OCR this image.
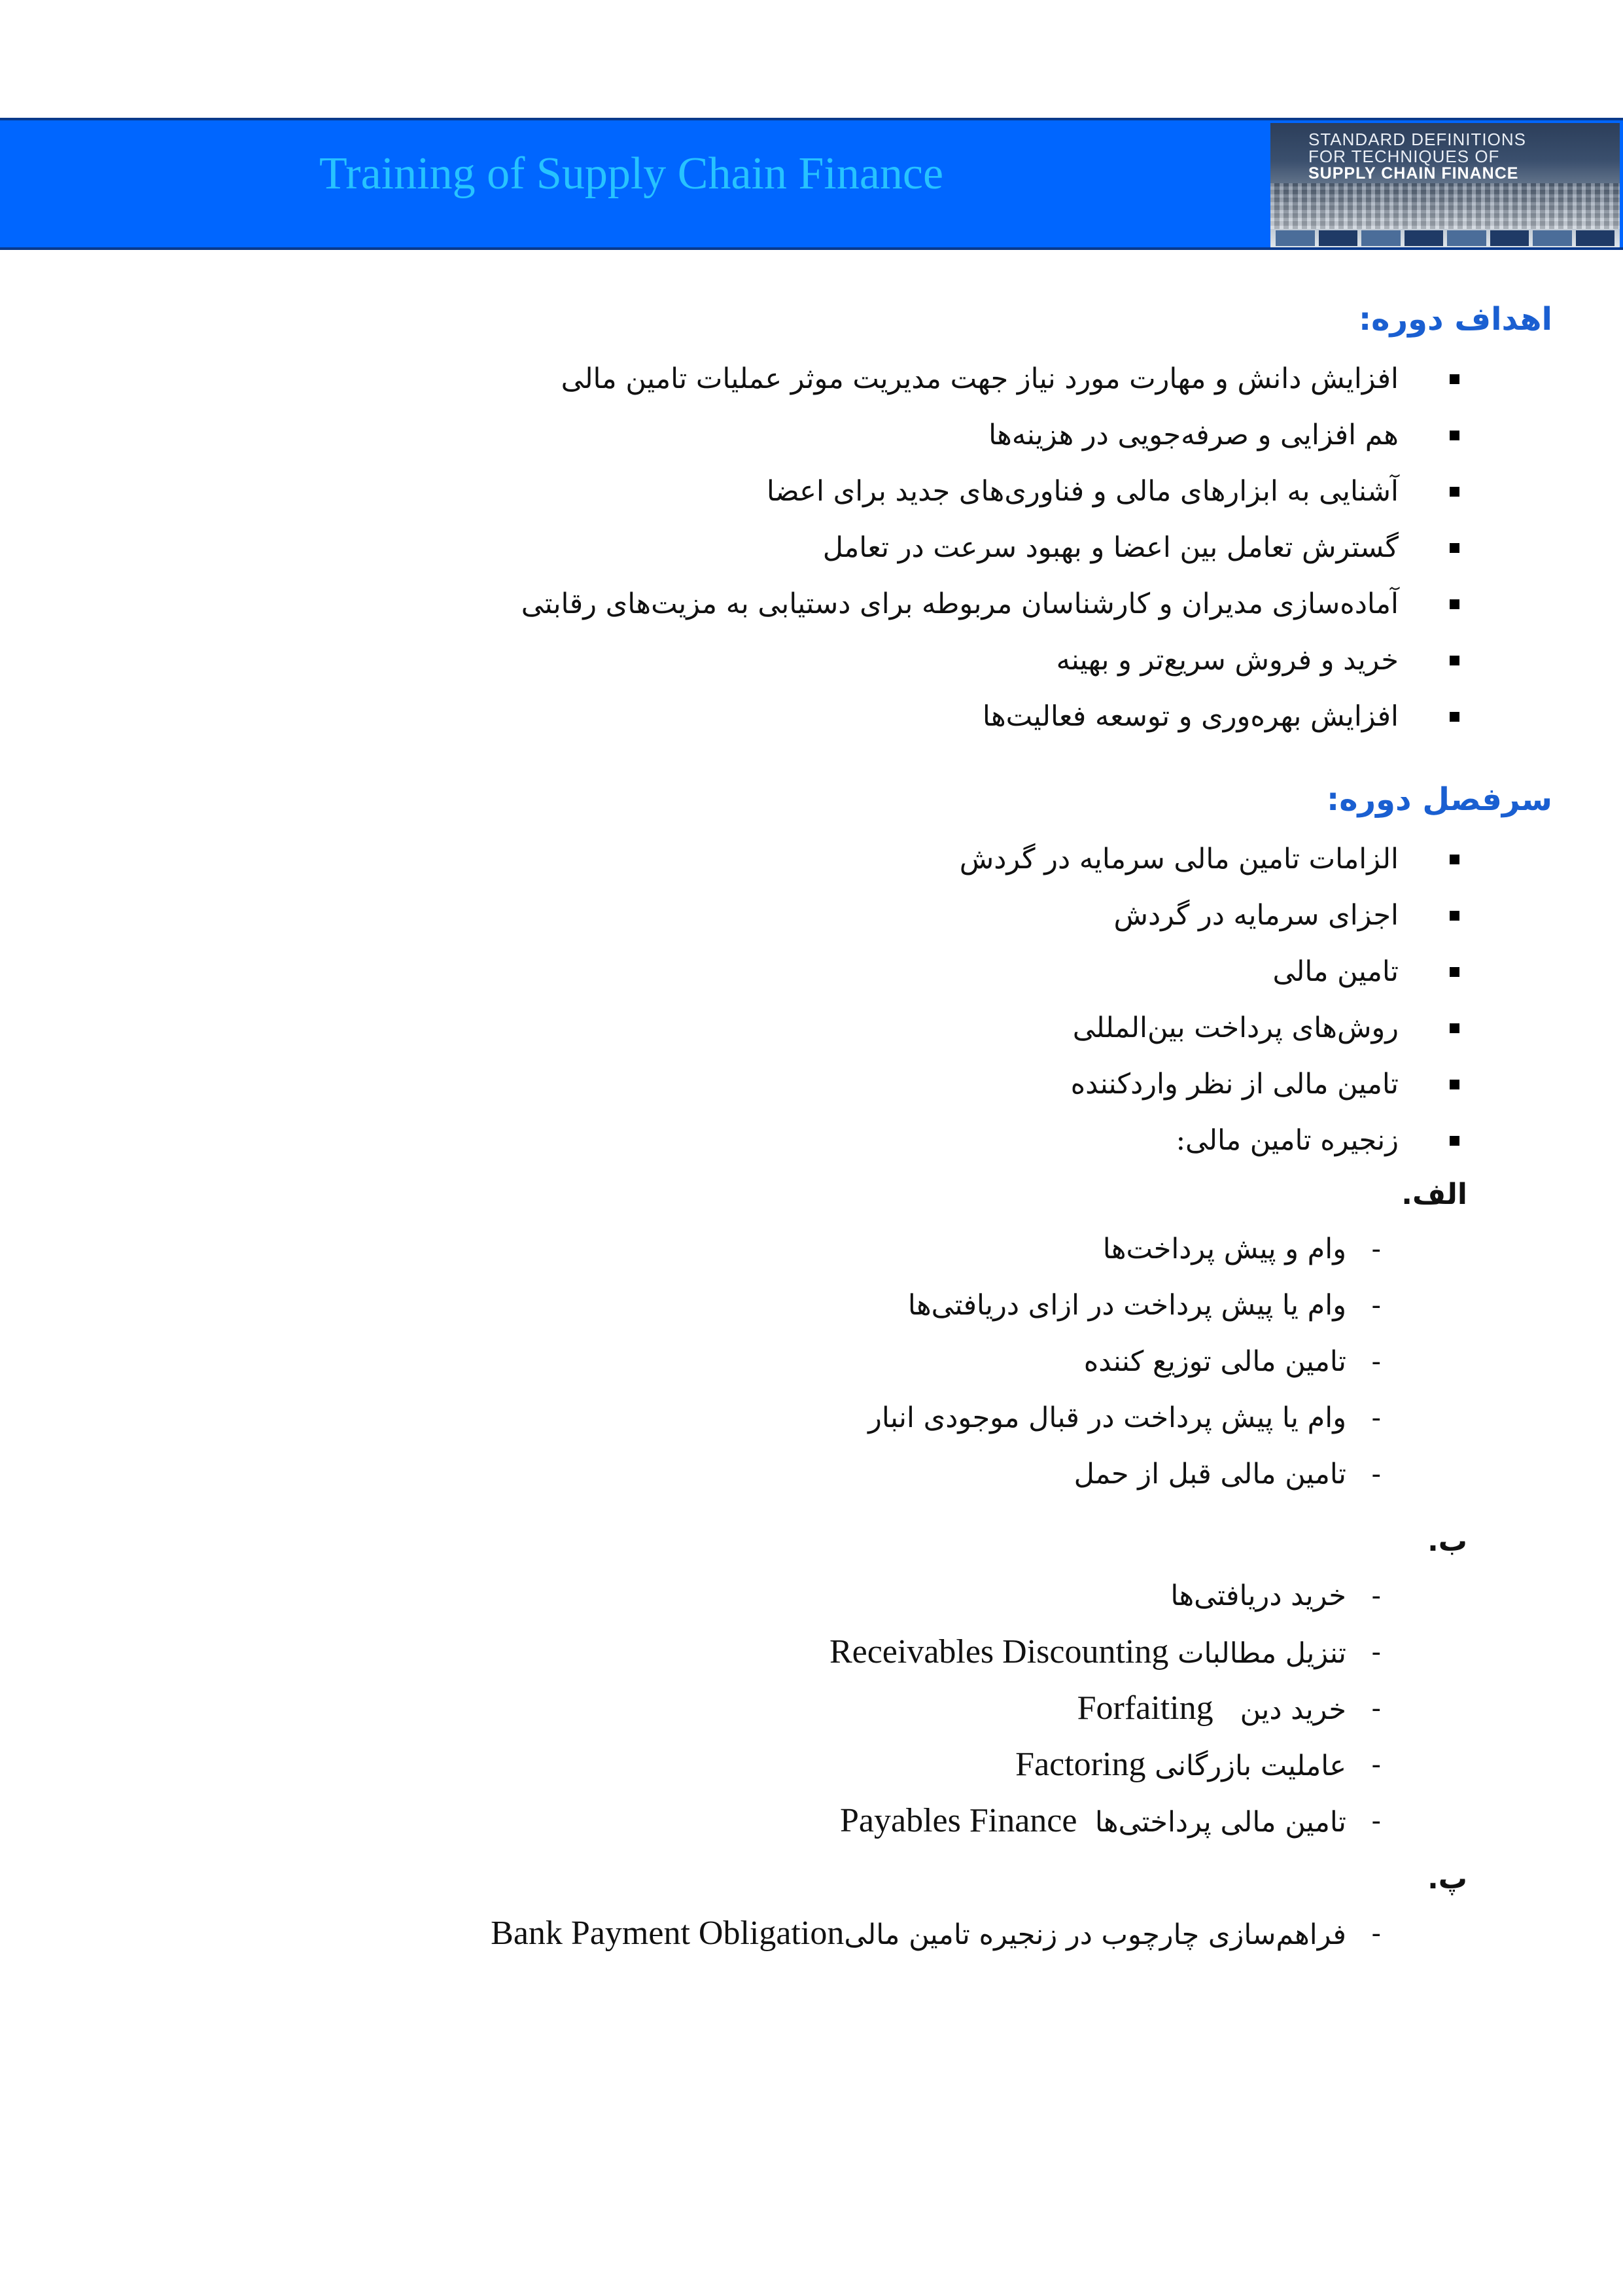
Training of Supply Chain Finance
STANDARD DEFINITIONS
FOR TECHNIQUES OF
SUPPLY CHAIN FINANCE
اهداف دوره:
افزایش دانش و مهارت مورد نیاز جهت مدیریت موثر عملیات تامین مالی
هم افزایی و صرفه‌جویی در هزینه‌ها
آشنایی به ابزارهای مالی و فناوری‌های جدید برای اعضا
گسترش تعامل بین اعضا و بهبود سرعت در تعامل
آماده‌سازی مدیران و کارشناسان مربوطه برای دستیابی به مزیت‌های رقابتی
خرید و فروش سریع‌تر و بهینه
افزایش بهره‌وری و توسعه فعالیت‌ها
سرفصل دوره:
الزامات تامین مالی سرمایه در گردش
اجزای سرمایه در گردش
تامین مالی
روش‌های پرداخت بین‌المللی
تامین مالی از نظر واردکننده
زنجیره تامین مالی:
الف.
- وام و پیش پرداخت‌ها
- وام یا پیش پرداخت در ازای دریافتی‌ها
- تامین مالی توزیع کننده
- وام یا پیش پرداخت در قبال موجودی انبار
- تامین مالی قبل از حمل
ب.
- خرید دریافتی‌ها
- تنزیل مطالبات Receivables Discounting
- خرید دین   Forfaiting
- عاملیت بازرگانی Factoring
- تامین مالی پرداختی‌ها  Payables Finance
پ.
- فراهم‌سازی چارچوب در زنجیره تامین مالیBank Payment Obligation
